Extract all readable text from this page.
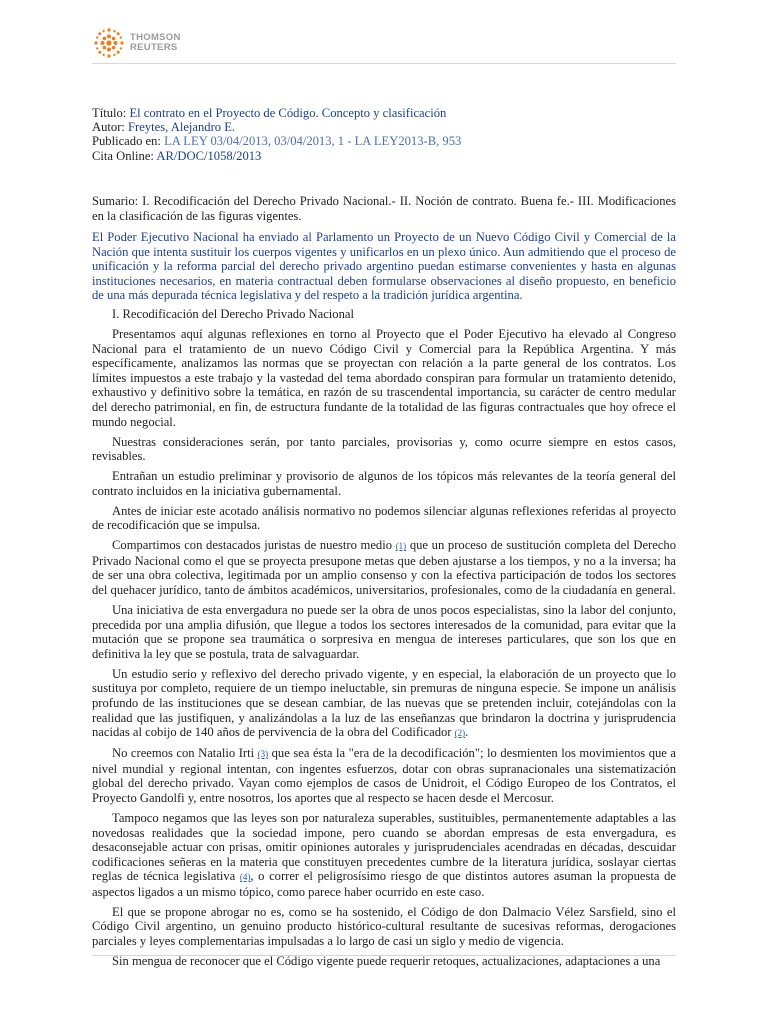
THOMSON
REUTERS
Título: El contrato en el Proyecto de Código. Concepto y clasificación
Autor: Freytes, Alejandro E.
Publicado en: LA LEY 03/04/2013, 03/04/2013, 1 - LA LEY2013-B, 953
Cita Online: AR/DOC/1058/2013
Sumario: I. Recodificación del Derecho Privado Nacional.- II. Noción de contrato. Buena fe.- III. Modificaciones en la clasificación de las figuras vigentes.
El Poder Ejecutivo Nacional ha enviado al Parlamento un Proyecto de un Nuevo Código Civil y Comercial de la Nación que intenta sustituir los cuerpos vigentes y unificarlos en un plexo único. Aun admitiendo que el proceso de unificación y la reforma parcial del derecho privado argentino puedan estimarse convenientes y hasta en algunas instituciones necesarios, en materia contractual deben formularse observaciones al diseño propuesto, en beneficio de una más depurada técnica legislativa y del respeto a la tradición jurídica argentina.
I. Recodificación del Derecho Privado Nacional

Presentamos aquí algunas reflexiones en torno al Proyecto que el Poder Ejecutivo ha elevado al Congreso Nacional para el tratamiento de un nuevo Código Civil y Comercial para la República Argentina. Y más específicamente, analizamos las normas que se proyectan con relación a la parte general de los contratos. Los límites impuestos a este trabajo y la vastedad del tema abordado conspiran para formular un tratamiento detenido, exhaustivo y definitivo sobre la temática, en razón de su trascendental importancia, su carácter de centro medular del derecho patrimonial, en fin, de estructura fundante de la totalidad de las figuras contractuales que hoy ofrece el mundo negocial.

Nuestras consideraciones serán, por tanto parciales, provisorias y, como ocurre siempre en estos casos, revisables.

Entrañan un estudio preliminar y provisorio de algunos de los tópicos más relevantes de la teoría general del contrato incluidos en la iniciativa gubernamental.

Antes de iniciar este acotado análisis normativo no podemos silenciar algunas reflexiones referidas al proyecto de recodificación que se impulsa.

Compartimos con destacados juristas de nuestro medio (1) que un proceso de sustitución completa del Derecho Privado Nacional como el que se proyecta presupone metas que deben ajustarse a los tiempos, y no a la inversa; ha de ser una obra colectiva, legitimada por un amplio consenso y con la efectiva participación de todos los sectores del quehacer jurídico, tanto de ámbitos académicos, universitarios, profesionales, como de la ciudadanía en general.

Una iniciativa de esta envergadura no puede ser la obra de unos pocos especialistas, sino la labor del conjunto, precedida por una amplia difusión, que llegue a todos los sectores interesados de la comunidad, para evitar que la mutación que se propone sea traumática o sorpresiva en mengua de intereses particulares, que son los que en definitiva la ley que se postula, trata de salvaguardar.

Un estudio serio y reflexivo del derecho privado vigente, y en especial, la elaboración de un proyecto que lo sustituya por completo, requiere de un tiempo ineluctable, sin premuras de ninguna especie. Se impone un análisis profundo de las instituciones que se desean cambiar, de las nuevas que se pretenden incluir, cotejándolas con la realidad que las justifiquen, y analizándolas a la luz de las enseñanzas que brindaron la doctrina y jurisprudencia nacidas al cobijo de 140 años de pervivencia de la obra del Codificador (2).

No creemos con Natalio Irti (3) que sea ésta la "era de la decodificación"; lo desmienten los movimientos que a nivel mundial y regional intentan, con ingentes esfuerzos, dotar con obras supranacionales una sistematización global del derecho privado. Vayan como ejemplos de casos de Unidroit, el Código Europeo de los Contratos, el Proyecto Gandolfi y, entre nosotros, los aportes que al respecto se hacen desde el Mercosur.

Tampoco negamos que las leyes son por naturaleza superables, sustituibles, permanentemente adaptables a las novedosas realidades que la sociedad impone, pero cuando se abordan empresas de esta envergadura, es desaconsejable actuar con prisas, omitir opiniones autorales y jurisprudenciales acendradas en décadas, descuidar codificaciones señeras en la materia que constituyen precedentes cumbre de la literatura jurídica, soslayar ciertas reglas de técnica legislativa (4), o correr el peligrosísimo riesgo de que distintos autores asuman la propuesta de aspectos ligados a un mismo tópico, como parece haber ocurrido en este caso.

El que se propone abrogar no es, como se ha sostenido, el Código de don Dalmacio Vélez Sarsfield, sino el Código Civil argentino, un genuino producto histórico-cultural resultante de sucesivas reformas, derogaciones parciales y leyes complementarias impulsadas a lo largo de casi un siglo y medio de vigencia.

Sin mengua de reconocer que el Código vigente puede requerir retoques, actualizaciones, adaptaciones a una
